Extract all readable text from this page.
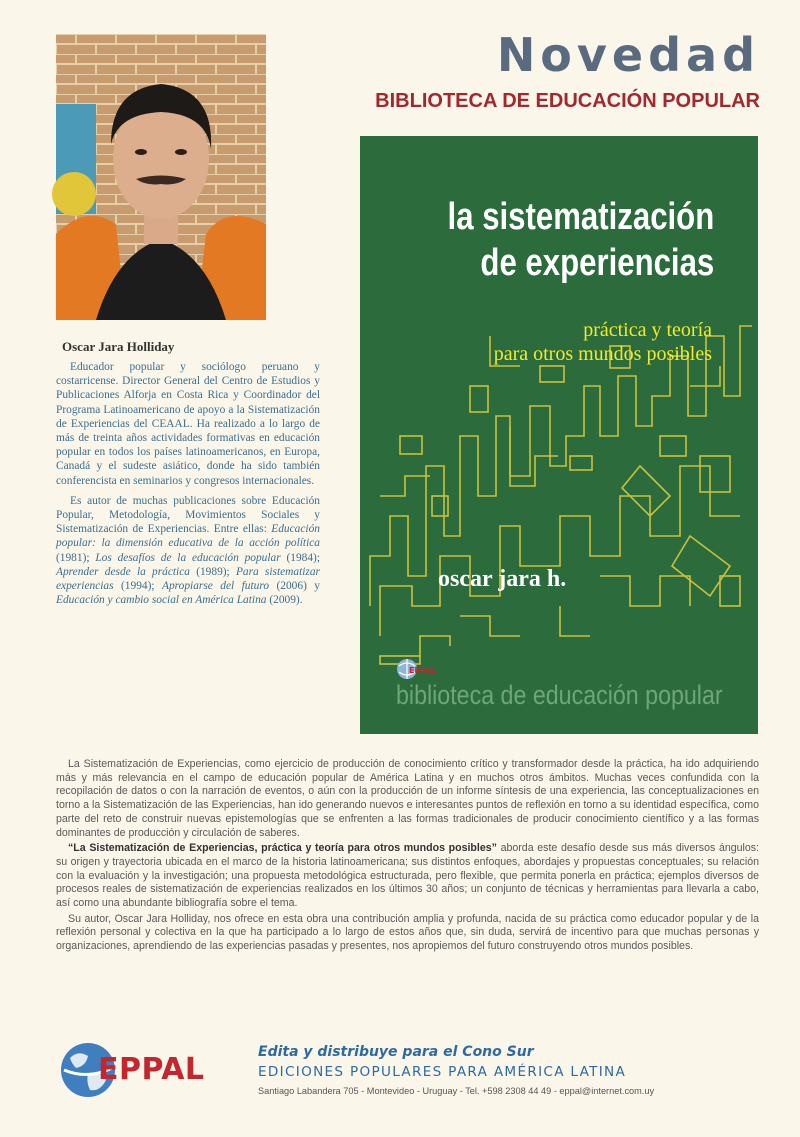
Novedad
BIBLIOTECA DE EDUCACIÓN POPULAR
Oscar Jara Holliday

Educador popular y sociólogo peruano y costarricense. Director General del Centro de Estudios y Publicaciones Alforja en Costa Rica y Coordinador del Programa Latinoamericano de apoyo a la Sistematización de Experiencias del CEAAL. Ha realizado a lo largo de más de treinta años actividades formativas en educación popular en todos los países latinoamericanos, en Europa, Canadá y el sudeste asiático, donde ha sido también conferencista en seminarios y congresos internacionales.

Es autor de muchas publicaciones sobre Educación Popular, Metodología, Movimientos Sociales y Sistematización de Experiencias. Entre ellas: Educación popular: la dimensión educativa de la acción política (1981); Los desafíos de la educación popular (1984); Aprender desde la práctica (1989); Para sistematizar experiencias (1994); Apropiarse del futuro (2006) y Educación y cambio social en América Latina (2009).

la sistematización
de experiencias

práctica y teoría
para otros mundos posibles

oscar jara h.

EPPAL

biblioteca de educación popular

La Sistematización de Experiencias, como ejercicio de producción de conocimiento crítico y transformador desde la práctica, ha ido adquiriendo más y más relevancia en el campo de educación popular de América Latina y en muchos otros ámbitos. Muchas veces confundida con la recopilación de datos o con la narración de eventos, o aún con la producción de un informe síntesis de una experiencia, las conceptualizaciones en torno a la Sistematización de las Experiencias, han ido generando nuevos e interesantes puntos de reflexión en torno a su identidad específica, como parte del reto de construir nuevas epistemologías que se enfrenten a las formas tradicionales de producir conocimiento científico y a las formas dominantes de producción y circulación de saberes.

“La Sistematización de Experiencias, práctica y teoría para otros mundos posibles” aborda este desafío desde sus más diversos ángulos: su origen y trayectoria ubicada en el marco de la historia latinoamericana; sus distintos enfoques, abordajes y propuestas conceptuales; su relación con la evaluación y la investigación; una propuesta metodológica estructurada, pero flexible, que permita ponerla en práctica; ejemplos diversos de procesos reales de sistematización de experiencias realizados en los últimos 30 años; un conjunto de técnicas y herramientas para llevarla a cabo, así como una abundante bibliografía sobre el tema.

Su autor, Oscar Jara Holliday, nos ofrece en esta obra una contribución amplia y profunda, nacida de su práctica como educador popular y de la reflexión personal y colectiva en la que ha participado a lo largo de estos años que, sin duda, servirá de incentivo para que muchas personas y organizaciones, aprendiendo de las experiencias pasadas y presentes, nos apropiemos del futuro construyendo otros mundos posibles.

EPPAL	Edita y distribuye para el Cono Sur

EDICIONES POPULARES PARA AMÉRICA LATINA

Santiago Labandera 705 - Montevideo - Uruguay - Tel. +598 2308 44 49 - eppal@internet.com.uy
